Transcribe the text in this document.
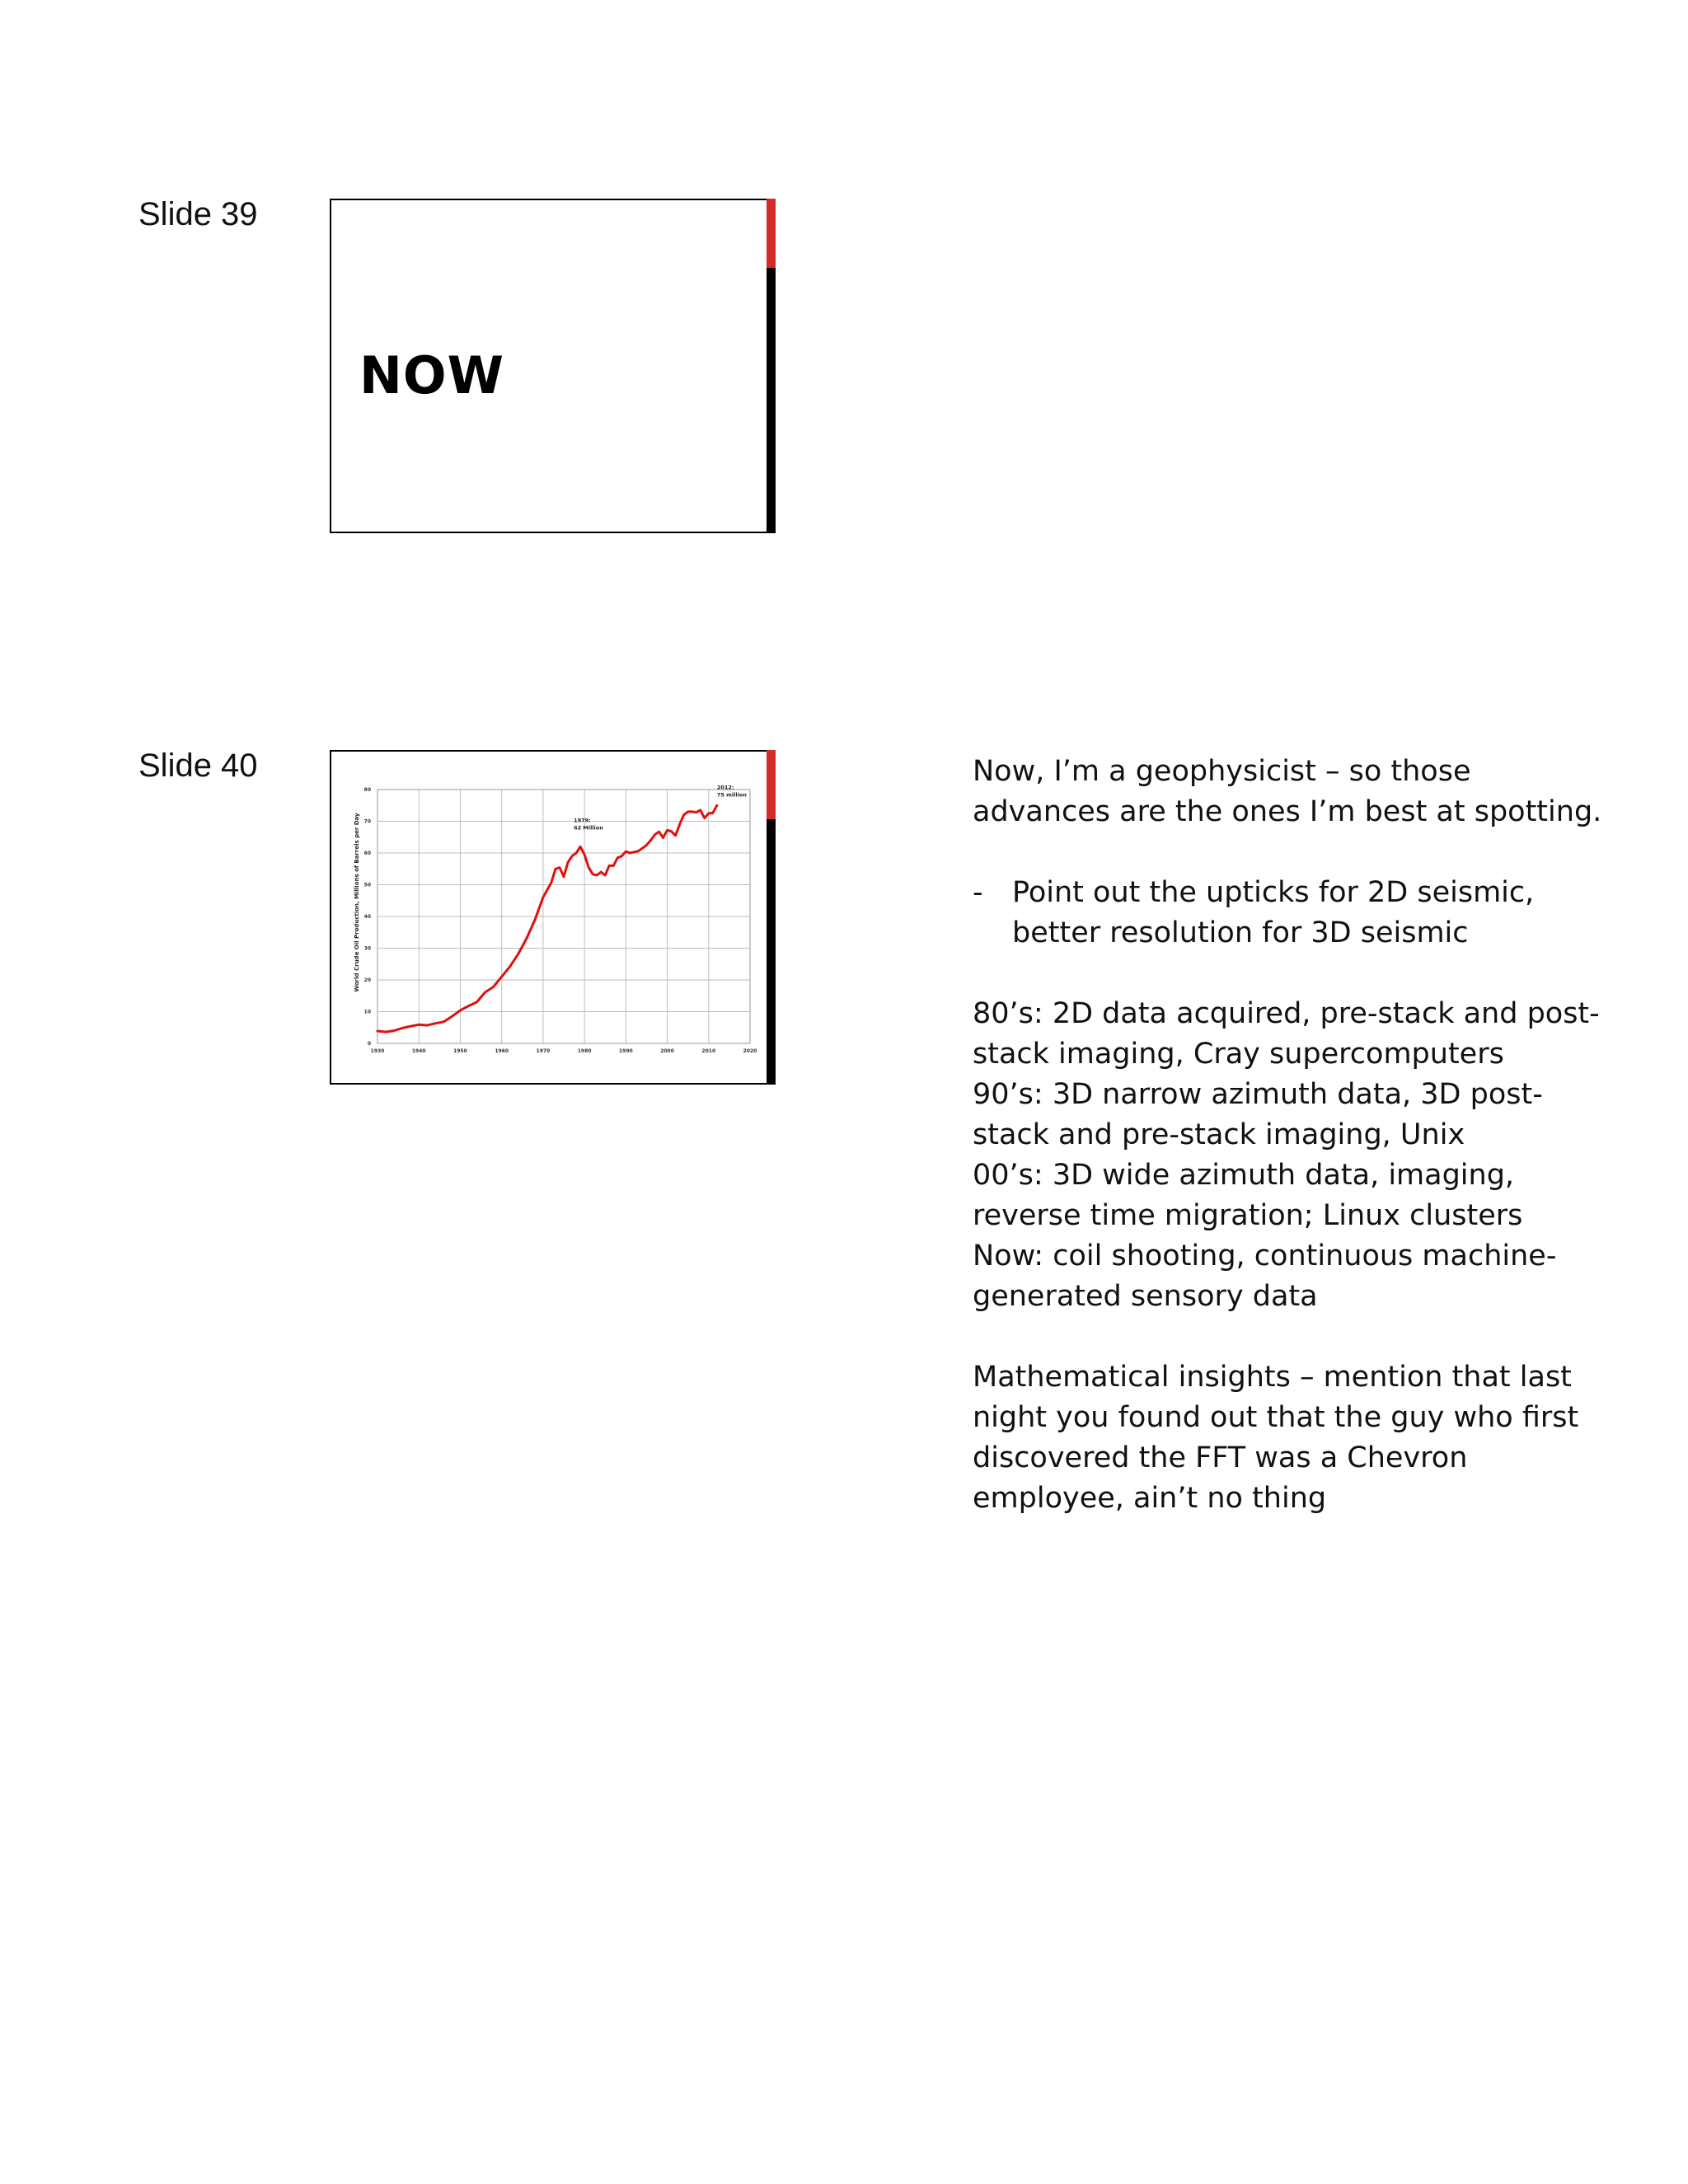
Slide 39
NOW
Slide 40
1930	1940	1950	1960	1970	1980	1990	2000	2010	2020
0
10
20
30
40
50
60
70
80
World Crude Oil Production, Millions of Barrels per Day	1979:
62 Million
2012:
75 million

Now, I’m a geophysicist – so those advances are the ones I’m best at spotting.

-	Point out the upticks for 2D seismic, better resolution for 3D seismic

80’s: 2D data acquired, pre-stack and post-stack imaging, Cray supercomputers

90’s: 3D narrow azimuth data, 3D post-stack and pre-stack imaging, Unix

00’s: 3D wide azimuth data, imaging, reverse time migration; Linux clusters

Now: coil shooting, continuous machine-generated sensory data

Mathematical insights – mention that last night you found out that the guy who first discovered the FFT was a Chevron employee, ain’t no thing
